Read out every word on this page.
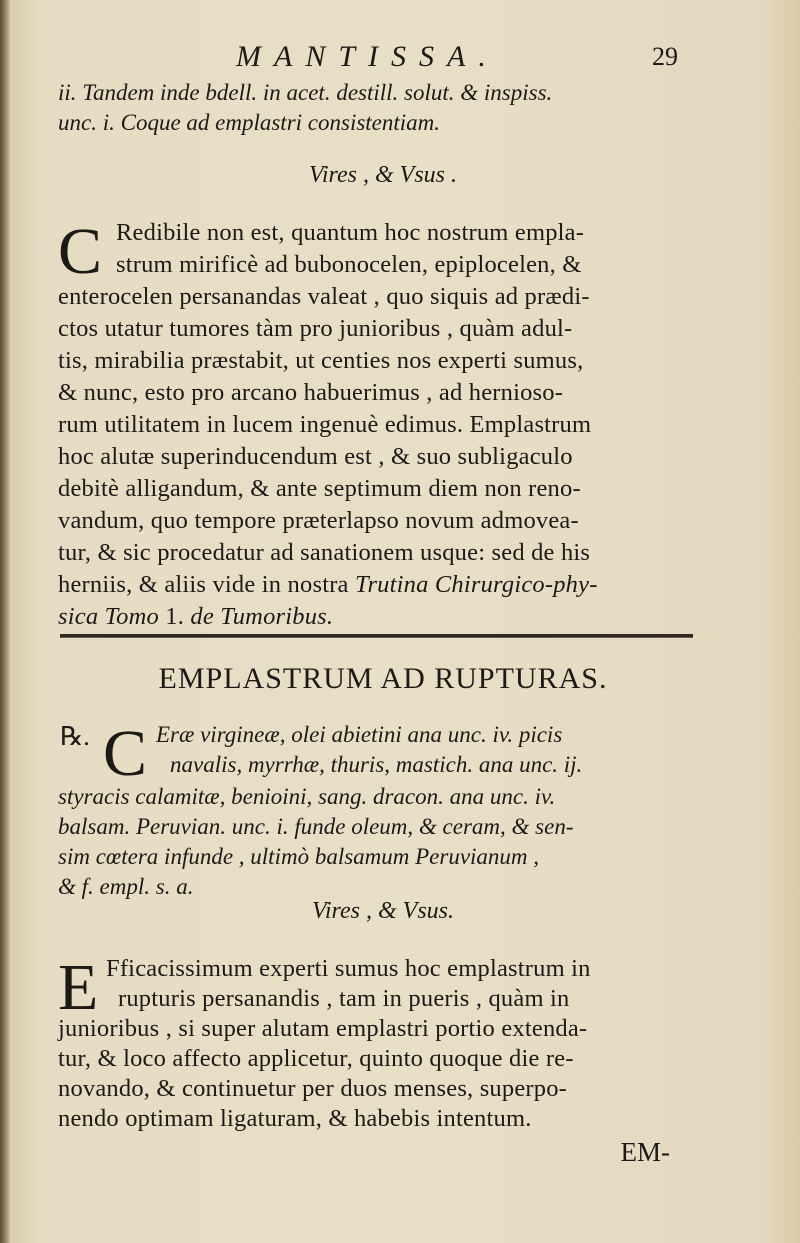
MANTISSA.	29
ii. Tandem inde bdell. in acet. destill. solut. & inspiss.
unc. i. Coque ad emplastri consistentiam.
Vires , & Vsus .
C Redibile non est, quantum hoc nostrum empla-
strum mirificè ad bubonocelen, epiplocelen, &
enterocelen persanandas valeat , quo siquis ad prædi-
ctos utatur tumores tàm pro junioribus , quàm adul-
tis, mirabilia præstabit, ut centies nos experti sumus,
& nunc, esto pro arcano habuerimus , ad herniosо-
rum utilitatem in lucem ingenuè edimus. Emplastrum
hoc alutæ superinducendum est , & suo subligaculo
debitè alligandum, & ante septimum diem non reno-
vandum, quo tempore præterlapso novum admovea-
tur, & sic procedatur ad sanationem usque: sed de his
herniis, & aliis vide in nostra Trutina Chirurgico-phy-
sica Tomo 1. de Tumoribus.
EMPLASTRUM AD RUPTURAS.
℞. C Eræ virgineæ, olei abietini ana unc. iv. picis
navalis, myrrhæ, thuris, mastich. ana unc. ij.
styracis calamitæ, benioini, sang. dracon. ana unc. iv.
balsam. Peruvian. unc. i. funde oleum, & ceram, & sen-
sim cœtera infunde , ultimò balsamum Peruvianum ,
& f. empl. s. a.
Vires , & Vsus.
E Fficacissimum experti sumus hoc emplastrum in
rupturis persanandis , tam in pueris , quàm in
junioribus , si super alutam emplastri portio extenda-
tur, & loco affecto applicetur, quinto quoque die re-
novando, & continuetur per duos menses, superpo-
nendo optimam ligaturam, & habebis intentum.
EM-
